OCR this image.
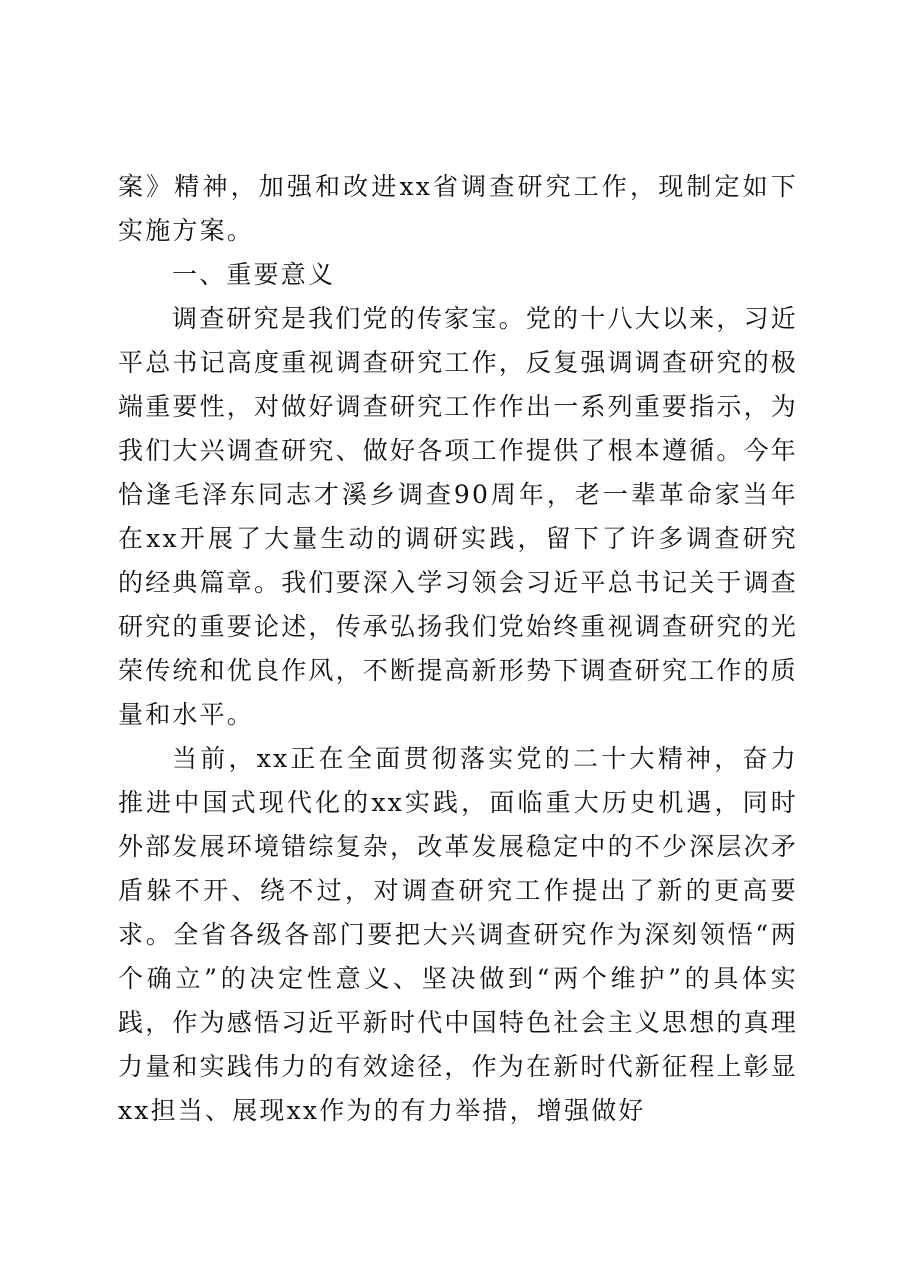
案》精神，加强和改进xx省调查研究工作，现制定如下实施方案。

一、重要意义

调查研究是我们党的传家宝。党的十八大以来，习近平总书记高度重视调查研究工作，反复强调调查研究的极端重要性，对做好调查研究工作作出一系列重要指示，为我们大兴调查研究、做好各项工作提供了根本遵循。今年恰逢毛泽东同志才溪乡调查90周年，老一辈革命家当年在xx开展了大量生动的调研实践，留下了许多调查研究的经典篇章。我们要深入学习领会习近平总书记关于调查研究的重要论述，传承弘扬我们党始终重视调查研究的光荣传统和优良作风，不断提高新形势下调查研究工作的质量和水平。

当前，xx正在全面贯彻落实党的二十大精神，奋力推进中国式现代化的xx实践，面临重大历史机遇，同时外部发展环境错综复杂，改革发展稳定中的不少深层次矛盾躲不开、绕不过，对调查研究工作提出了新的更高要求。全省各级各部门要把大兴调查研究作为深刻领悟“两个确立”的决定性意义、坚决做到“两个维护”的具体实践，作为感悟习近平新时代中国特色社会主义思想的真理力量和实践伟力的有效途径，作为在新时代新征程上彰显xx担当、展现xx作为的有力举措，增强做好
